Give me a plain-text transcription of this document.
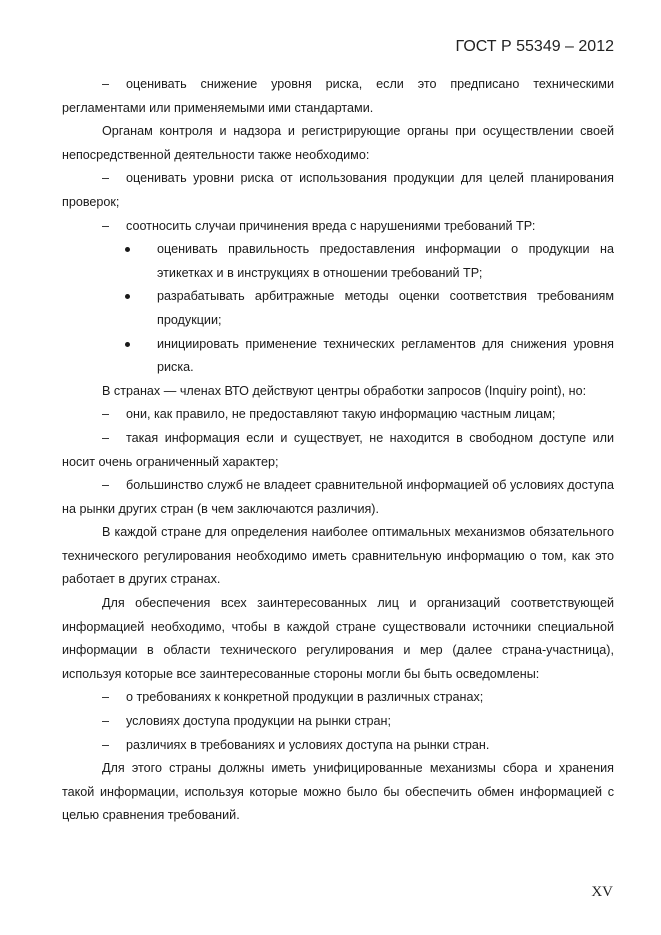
ГОСТ Р 55349 – 2012

– оценивать снижение уровня риска, если это предписано техническими регламентами или применяемыми ими стандартами.

Органам контроля и надзора и регистрирующие органы при осуществлении своей непосредственной деятельности также необходимо:

– оценивать уровни риска от использования продукции для целей планирования проверок;

– соотносить случаи причинения вреда с нарушениями требований ТР:

оценивать правильность предоставления информации о продукции на этикетках и в инструкциях в отношении требований ТР;

разрабатывать арбитражные методы оценки соответствия требованиям продукции;

инициировать применение технических регламентов для снижения уровня риска.

В странах — членах ВТО действуют центры обработки запросов (Inquiry point), но:

– они, как правило, не предоставляют такую информацию частным лицам;

– такая информация если и существует, не находится в свободном доступе или носит очень ограниченный характер;

– большинство служб не владеет сравнительной информацией об условиях доступа на рынки других стран (в чем заключаются различия).

В каждой стране для определения наиболее оптимальных механизмов обязательного технического регулирования необходимо иметь сравнительную информацию о том, как это работает в других странах.

Для обеспечения всех заинтересованных лиц и организаций соответствующей информацией необходимо, чтобы в каждой стране существовали источники специальной информации в области технического регулирования и мер (далее страна-участница), используя которые все заинтересованные стороны могли бы быть осведомлены:

– о требованиях к конкретной продукции в различных странах;

– условиях доступа продукции на рынки стран;

– различиях в требованиях и условиях доступа на рынки стран.

Для этого страны должны иметь унифицированные механизмы сбора и хранения такой информации, используя которые можно было бы обеспечить обмен информацией с целью сравнения требований.

XV
